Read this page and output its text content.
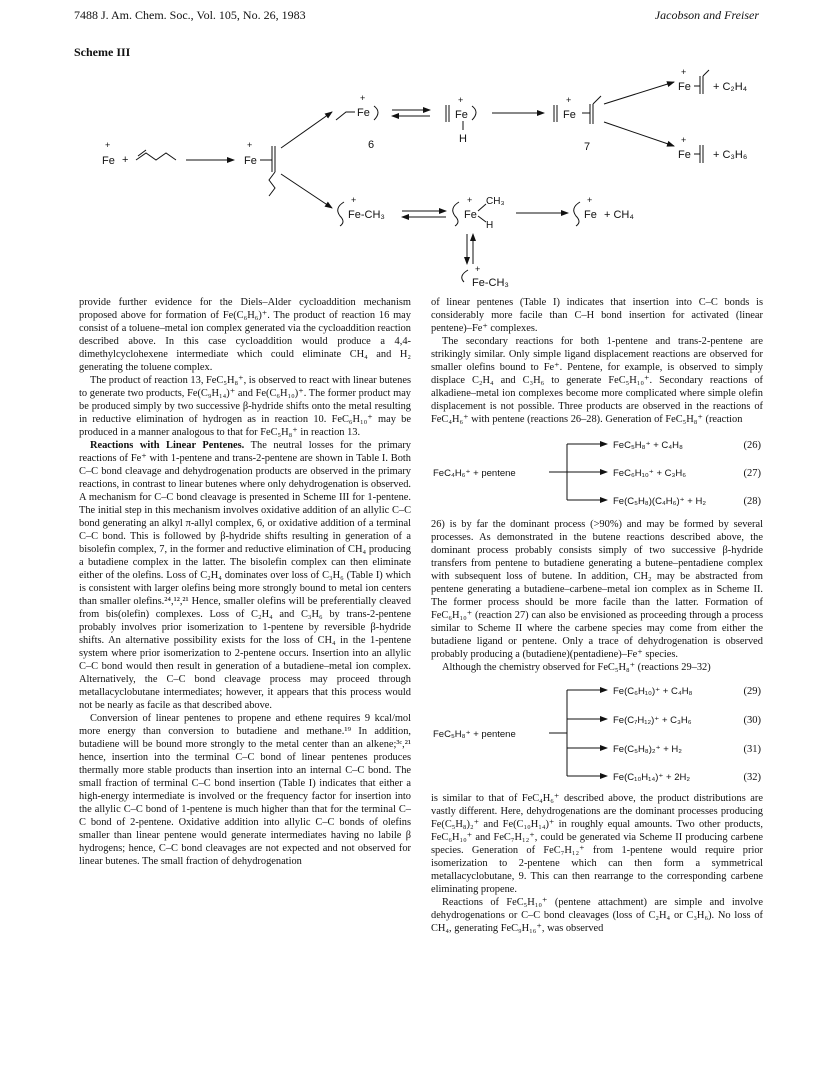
7488 J. Am. Chem. Soc., Vol. 105, No. 26, 1983	Jacobson and Freiser
Scheme III
Fe
+
+	Fe
+
Fe
+
6
Fe
+
H
Fe
+
7
Fe
+
+ C₂H₄
Fe
+
+ C₃H₆
Fe-CH₃
+
Fe
+ CH₃
H
Fe
+
+ CH₄
Fe-CH₃
+

provide further evidence for the Diels–Alder cycloaddition mechanism proposed above for formation of Fe(C₆H₆)⁺. The product of reaction 16 may consist of a toluene–metal ion complex generated via the cycloaddition reaction described above. In this case cycloaddition would produce a 4,4-dimethylcyclohexene intermediate which could eliminate CH₄ and H₂ generating the toluene complex.

The product of reaction 13, FeC₅H₈⁺, is observed to react with linear butenes to generate two products, Fe(C₉H₁₄)⁺ and Fe(C₆H₁₀)⁺. The former product may be produced simply by two successive β-hydride shifts onto the metal resulting in reductive elimination of hydrogen as in reaction 10. FeC₆H₁₀⁺ may be produced in a manner analogous to that for FeC₅H₈⁺ in reaction 13.

Reactions with Linear Pentenes. The neutral losses for the primary reactions of Fe⁺ with 1-pentene and trans-2-pentene are shown in Table I. Both C–C bond cleavage and dehydrogenation products are observed in the primary reactions, in contrast to linear butenes where only dehydrogenation is observed. A mechanism for C–C bond cleavage is presented in Scheme III for 1-pentene. The initial step in this mechanism involves oxidative addition of an allylic C–C bond generating an alkyl π-allyl complex, 6, or oxidative addition of a terminal C–C bond. This is followed by β-hydride shifts resulting in generation of a bisolefin complex, 7, in the former and reductive elimination of CH₄ producing a butadiene complex in the latter. The bisolefin complex can then eliminate either of the olefins. Loss of C₂H₄ dominates over loss of C₃H₆ (Table I) which is consistent with larger olefins being more strongly bound to metal ion centers than smaller olefins.²⁴,¹²,²¹ Hence, smaller olefins will be preferentially cleaved from bis(olefin) complexes. Loss of C₂H₄ and C₃H₆ by trans-2-pentene probably involves prior isomerization to 1-pentene by reversible β-hydride shifts. An alternative possibility exists for the loss of CH₄ in the 1-pentene system where prior isomerization to 2-pentene occurs. Insertion into an allylic C–C bond would then result in generation of a butadiene–metal ion complex. Alternatively, the C–C bond cleavage process may proceed through metallacyclobutane intermediates; however, it appears that this process would not be nearly as facile as that described above.

Conversion of linear pentenes to propene and ethene requires 9 kcal/mol more energy than conversion to butadiene and methane.¹⁹ In addition, butadiene will be bound more strongly to the metal center than an alkene;³ᶜ,²¹ hence, insertion into the terminal C–C bond of linear pentenes produces thermally more stable products than insertion into an internal C–C bond. The small fraction of terminal C–C bond insertion (Table I) indicates that either a high-energy intermediate is involved or the frequency factor for insertion into the allylic C–C bond of 1-pentene is much higher than that for the terminal C–C bond of 2-pentene. Oxidative addition into allylic C–C bonds of olefins smaller than linear pentene would generate intermediates having no labile β hydrogens; hence, C–C bond cleavages are not expected and not observed for linear butenes. The small fraction of dehydrogenation

of linear pentenes (Table I) indicates that insertion into C–C bonds is considerably more facile than C–H bond insertion for activated (linear pentene)–Fe⁺ complexes.

The secondary reactions for both 1-pentene and trans-2-pentene are strikingly similar. Only simple ligand displacement reactions are observed for smaller olefins bound to Fe⁺. Pentene, for example, is observed to simply displace C₂H₄ and C₃H₆ to generate FeC₅H₁₀⁺. Secondary reactions of alkadiene–metal ion complexes become more complicated where simple olefin displacement is not possible. Three products are observed in the reactions of FeC₄H₆⁺ with pentene (reactions 26–28). Generation of FeC₅H₈⁺ (reaction

FeC₄H₆⁺ + pentene
FeC₅H₈⁺ + C₄H₈
FeC₆H₁₀⁺ + C₃H₆
Fe(C₅H₈)(C₄H₆)⁺ + H₂
(26)
(27)
(28)

26) is by far the dominant process (>90%) and may be formed by several processes. As demonstrated in the butene reactions described above, the dominant process probably consists simply of two successive β-hydride transfers from pentene to butadiene generating a butene–pentadiene complex with subsequent loss of butene. In addition, CH₂ may be abstracted from pentene generating a butadiene–carbene–metal ion complex as in Scheme II. The former process should be more facile than the latter. Formation of FeC₆H₁₀⁺ (reaction 27) can also be envisioned as proceeding through a process similar to Scheme II where the carbene species may come from either the butadiene ligand or pentene. Only a trace of dehydrogenation is observed probably producing a (butadiene)(pentadiene)–Fe⁺ species.

Although the chemistry observed for FeC₅H₈⁺ (reactions 29–32)

FeC₅H₈⁺ + pentene
Fe(C₆H₁₀)⁺ + C₄H₈
Fe(C₇H₁₂)⁺ + C₃H₆
Fe(C₅H₈)₂⁺ + H₂
Fe(C₁₀H₁₄)⁺ + 2H₂
(29)
(30)
(31)
(32)

is similar to that of FeC₄H₆⁺ described above, the product distributions are vastly different. Here, dehydrogenations are the dominant processes producing Fe(C₅H₈)₂⁺ and Fe(C₁₀H₁₄)⁺ in roughly equal amounts. Two other products, FeC₆H₁₀⁺ and FeC₇H₁₂⁺, could be generated via Scheme II producing carbene species. Generation of FeC₇H₁₂⁺ from 1-pentene would require prior isomerization to 2-pentene which can then form a symmetrical metallacyclobutane, 9. This can then rearrange to the corresponding carbene eliminating propene.

Reactions of FeC₅H₁₀⁺ (pentene attachment) are simple and involve dehydrogenations or C–C bond cleavages (loss of C₂H₄ or C₃H₆). No loss of CH₄, generating FeC₉H₁₆⁺, was observed
